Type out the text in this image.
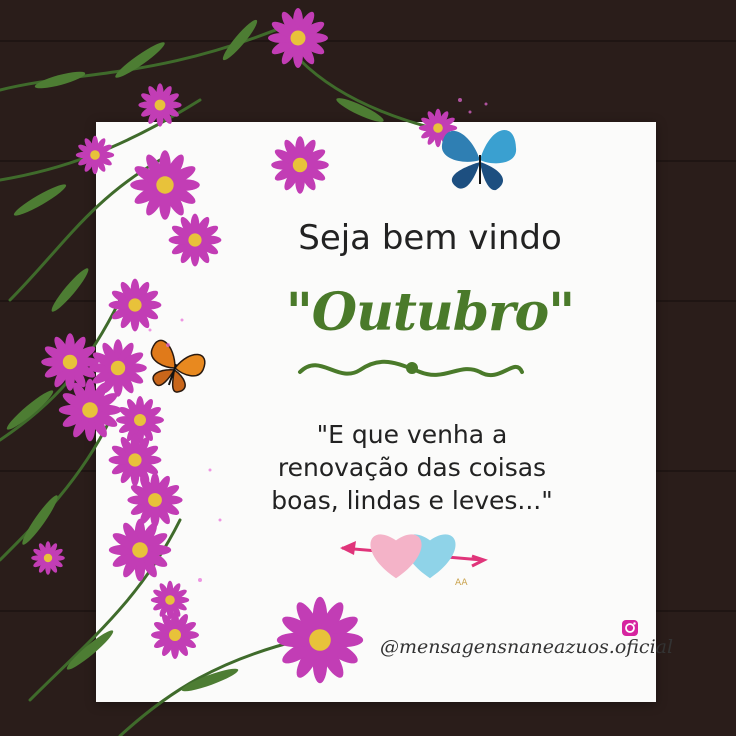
Seja bem vindo
"Outubro"
"E que venha a
renovação das coisas
boas, lindas e leves..."
AA
@mensagensnaneazuos.oficial
